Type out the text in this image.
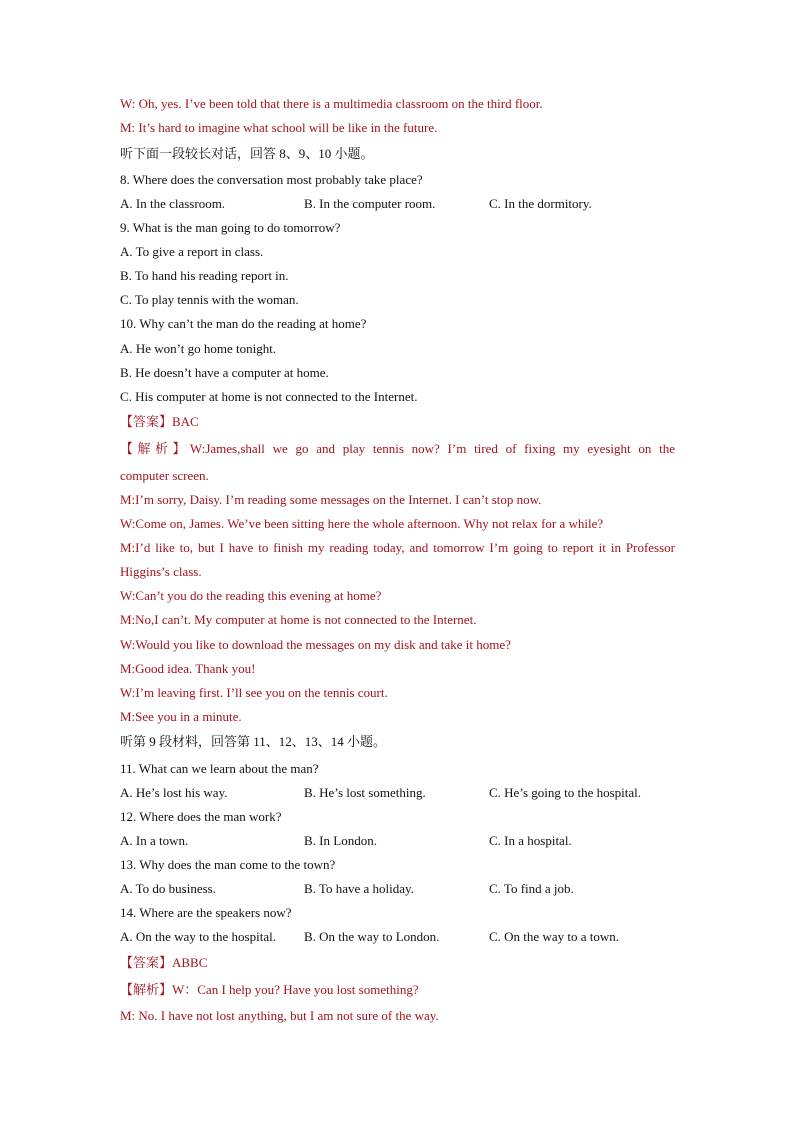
W: Oh, yes. I’ve been told that there is a multimedia classroom on the third floor.
M: It’s hard to imagine what school will be like in the future.
听下面一段较长对话，回答 8、9、10 小题。
8. Where does the conversation most probably take place?
A. In the classroom.	B. In the computer room.	C. In the dormitory.
9. What is the man going to do tomorrow?
A. To give a report in class.
B. To hand his reading report in.
C. To play tennis with the woman.
10. Why can’t the man do the reading at home?
A. He won’t go home tonight.
B. He doesn’t have a computer at home.
C. His computer at home is not connected to the Internet.
【答案】BAC
【解析】W:James,shall we go and play tennis now? I’m tired of fixing my eyesight on the
computer screen.
M:I’m sorry, Daisy. I’m reading some messages on the Internet. I can’t stop now.
W:Come on, James. We’ve been sitting here the whole afternoon. Why not relax for a while?
M:I’d like to, but I have to finish my reading today, and tomorrow I’m going to report it in Professor
Higgins’s class.
W:Can’t you do the reading this evening at home?
M:No,I can’t. My computer at home is not connected to the Internet.
W:Would you like to download the messages on my disk and take it home?
M:Good idea. Thank you!
W:I’m leaving first. I’ll see you on the tennis court.
M:See you in a minute.
听第 9 段材料，回答第 11、12、13、14 小题。
11. What can we learn about the man?
A. He’s lost his way.	B. He’s lost something.	C. He’s going to the hospital.
12. Where does the man work?
A. In a town.	B. In London.	C. In a hospital.
13. Why does the man come to the town?
A. To do business.	B. To have a holiday.	C. To find a job.
14. Where are the speakers now?
A. On the way to the hospital. B. On the way to London.	C. On the way to a town.
【答案】ABBC
【解析】W：Can I help you? Have you lost something?
M: No. I have not lost anything, but I am not sure of the way.
